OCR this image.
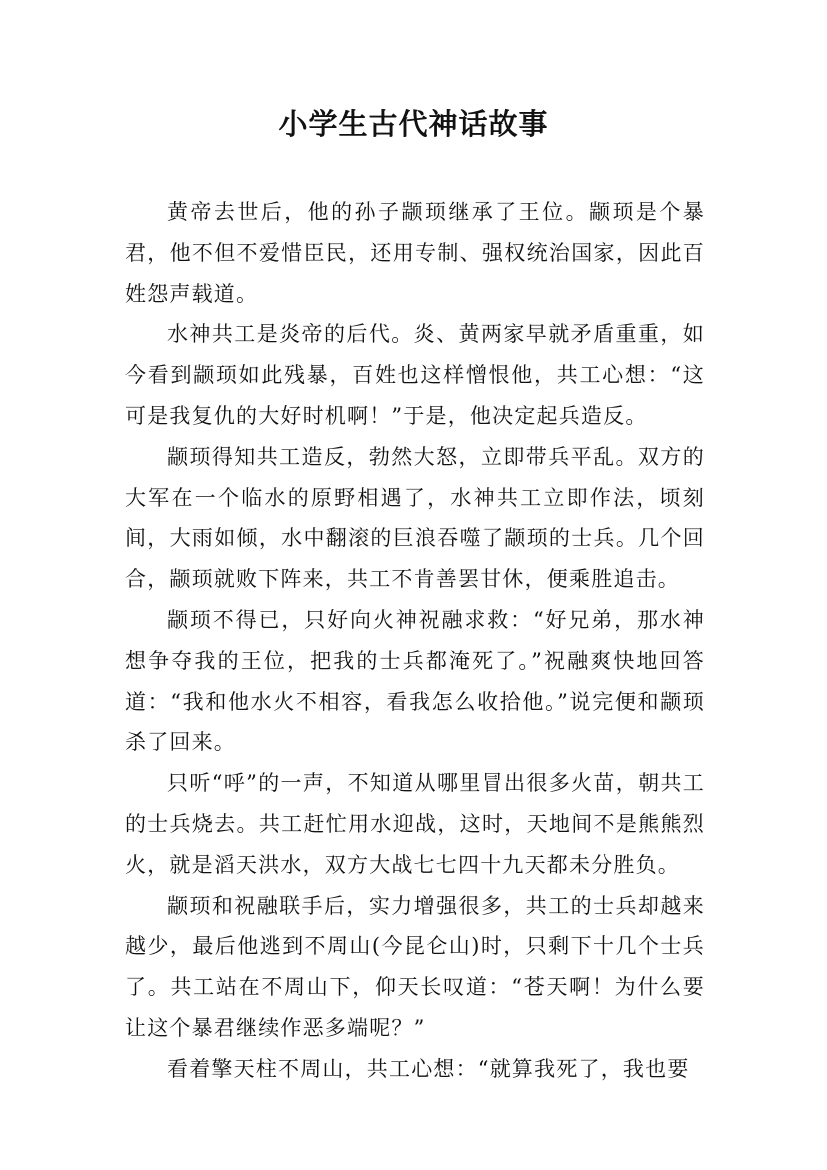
小学生古代神话故事

黄帝去世后，他的孙子颛顼继承了王位。颛顼是个暴君，他不但不爱惜臣民，还用专制、强权统治国家，因此百姓怨声载道。

水神共工是炎帝的后代。炎、黄两家早就矛盾重重，如今看到颛顼如此残暴，百姓也这样憎恨他，共工心想：“这可是我复仇的大好时机啊！”于是，他决定起兵造反。

颛顼得知共工造反，勃然大怒，立即带兵平乱。双方的大军在一个临水的原野相遇了，水神共工立即作法，顷刻间，大雨如倾，水中翻滚的巨浪吞噬了颛顼的士兵。几个回合，颛顼就败下阵来，共工不肯善罢甘休，便乘胜追击。

颛顼不得已，只好向火神祝融求救：“好兄弟，那水神想争夺我的王位，把我的士兵都淹死了。”祝融爽快地回答道：“我和他水火不相容，看我怎么收拾他。”说完便和颛顼杀了回来。

只听“呼”的一声，不知道从哪里冒出很多火苗，朝共工的士兵烧去。共工赶忙用水迎战，这时，天地间不是熊熊烈火，就是滔天洪水，双方大战七七四十九天都未分胜负。

颛顼和祝融联手后，实力增强很多，共工的士兵却越来越少，最后他逃到不周山(今昆仑山)时，只剩下十几个士兵了。共工站在不周山下，仰天长叹道：“苍天啊！为什么要让这个暴君继续作恶多端呢？”

看着擎天柱不周山，共工心想：“就算我死了，我也要
